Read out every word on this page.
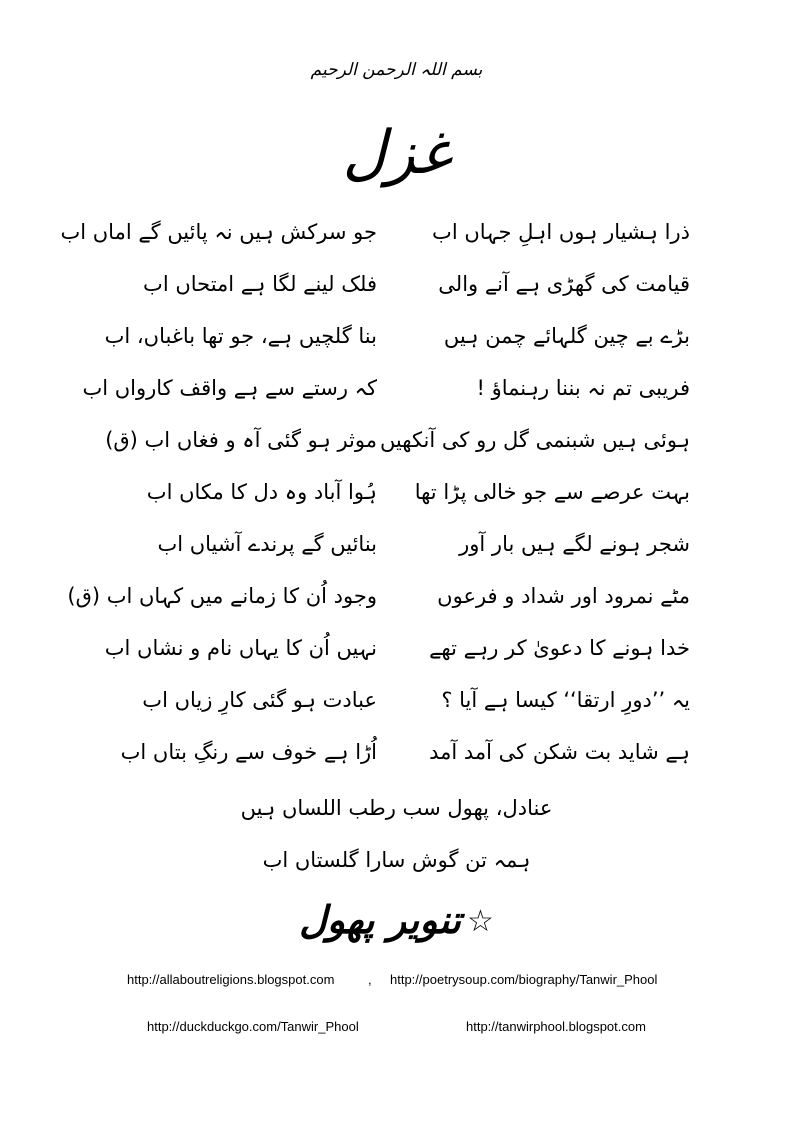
بسم اللہ الرحمن الرحیم
غزل
ذرا ہشیار ہوں اہلِ جہاں اب
جو سرکش ہیں نہ پائیں گے اماں اب
قیامت کی گھڑی ہے آنے والی
فلک لینے لگا ہے امتحاں اب
بڑے بے چین گلہائے چمن ہیں
بنا گلچیں ہے، جو تھا باغباں، اب
فریبی تم نہ بننا رہنماؤ !
کہ رستے سے ہے واقف کارواں اب
ہوئی ہیں شبنمی گل رو کی آنکھیں
موثر ہو گئی آہ و فغاں اب (ق)
بہت عرصے سے جو خالی پڑا تھا
ہُوا آباد وہ دل کا مکاں اب
شجر ہونے لگے ہیں بار آور
بنائیں گے پرندے آشیاں اب
مٹے نمرود اور شداد و فرعوں
وجود اُن کا زمانے میں کہاں اب (ق)
خدا ہونے کا دعویٰ کر رہے تھے
نہیں اُن کا یہاں نام و نشاں اب
یہ ’’دورِ ارتقا‘‘ کیسا ہے آیا ؟
عبادت ہو گئی کارِ زیاں اب
ہے شاید بت شکن کی آمد آمد
اُڑا ہے خوف سے رنگِ بتاں اب
عنادل، پھول سب رطب اللساں ہیں
ہمہ تن گوش سارا گلستاں اب
تنویر پھول ☆
http://allaboutreligions.blogspot.com	, http://poetrysoup.com/biography/Tanwir_Phool
http://duckduckgo.com/Tanwir_Phool	http://tanwirphool.blogspot.com
